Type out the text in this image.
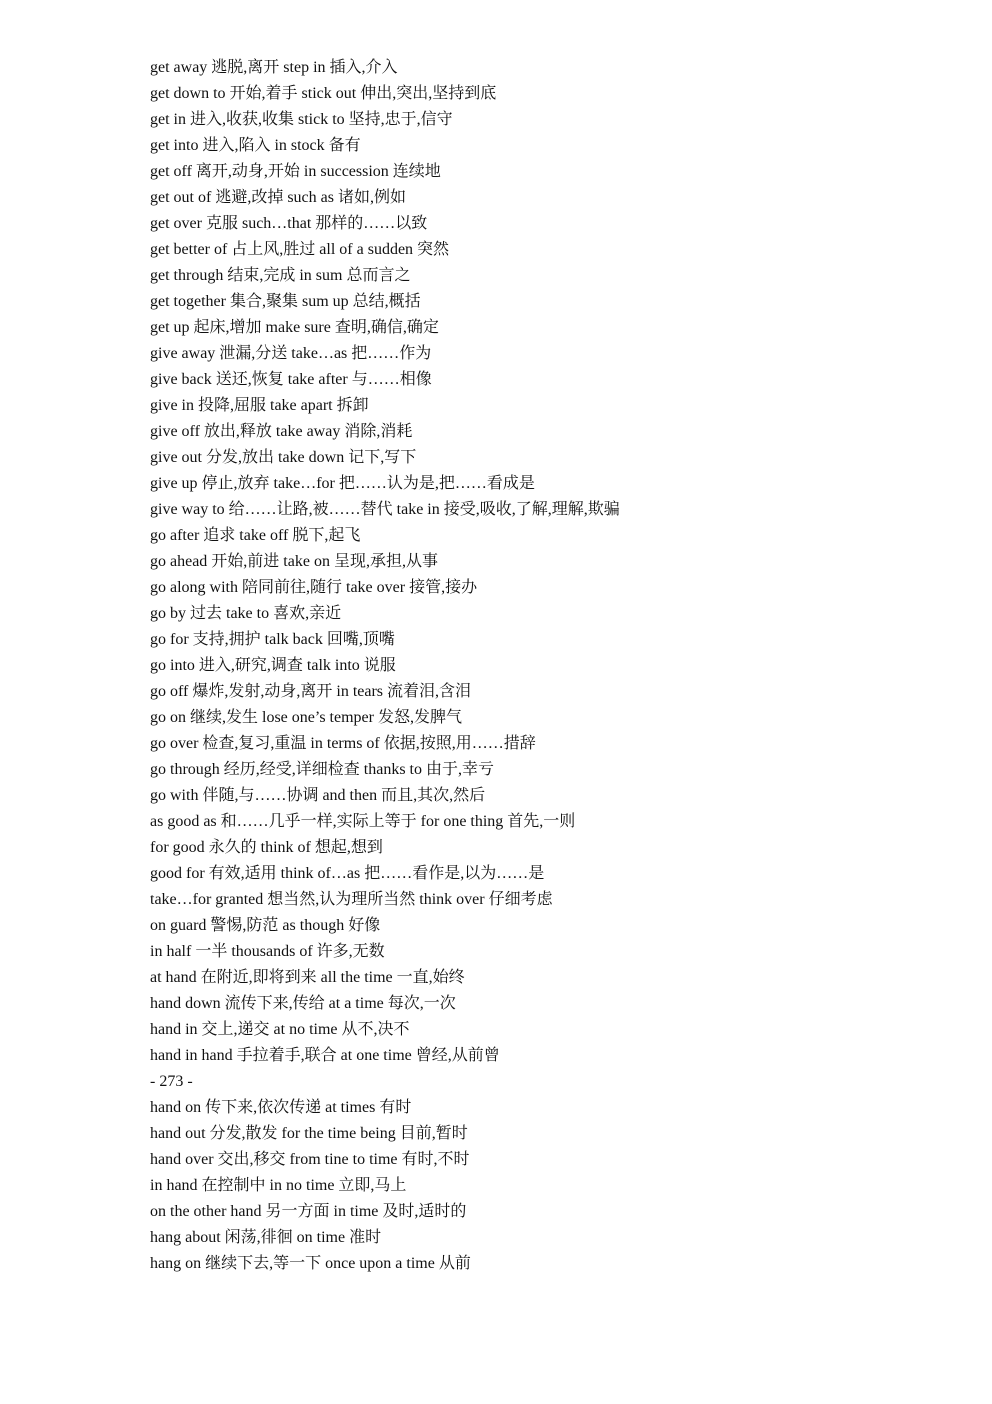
get away 逃脱,离开 step in 插入,介入
get down to 开始,着手 stick out 伸出,突出,坚持到底
get in 进入,收获,收集 stick to 坚持,忠于,信守
get into 进入,陷入 in stock 备有
get off 离开,动身,开始 in succession 连续地
get out of 逃避,改掉 such as 诸如,例如
get over 克服 such…that 那样的……以致
get better of 占上风,胜过 all of a sudden 突然
get through 结束,完成 in sum 总而言之
get together 集合,聚集 sum up 总结,概括
get up 起床,增加 make sure 查明,确信,确定
give away 泄漏,分送 take…as 把……作为
give back 送还,恢复 take after 与……相像
give in 投降,屈服 take apart 拆卸
give off 放出,释放 take away 消除,消耗
give out 分发,放出 take down 记下,写下
give up 停止,放弃 take…for 把……认为是,把……看成是
give way to 给……让路,被……替代 take in 接受,吸收,了解,理解,欺骗
go after 追求 take off 脱下,起飞
go ahead 开始,前进 take on 呈现,承担,从事
go along with 陪同前往,随行 take over 接管,接办
go by 过去 take to 喜欢,亲近
go for 支持,拥护 talk back 回嘴,顶嘴
go into 进入,研究,调查 talk into 说服
go off 爆炸,发射,动身,离开 in tears 流着泪,含泪
go on 继续,发生 lose one’s temper 发怒,发脾气
go over 检查,复习,重温 in terms of 依据,按照,用……措辞
go through 经历,经受,详细检查 thanks to 由于,幸亏
go with 伴随,与……协调 and then 而且,其次,然后
as good as 和……几乎一样,实际上等于 for one thing 首先,一则
for good 永久的 think of 想起,想到
good for 有效,适用 think of…as 把……看作是,以为……是
take…for granted 想当然,认为理所当然 think over 仔细考虑
on guard 警惕,防范 as though 好像
in half 一半 thousands of 许多,无数
at hand 在附近,即将到来 all the time 一直,始终
hand down 流传下来,传给 at a time 每次,一次
hand in 交上,递交 at no time 从不,决不
hand in hand 手拉着手,联合 at one time 曾经,从前曾
- 273 -
hand on 传下来,依次传递 at times 有时
hand out 分发,散发 for the time being 目前,暂时
hand over 交出,移交 from tine to time 有时,不时
in hand 在控制中 in no time 立即,马上
on the other hand 另一方面 in time 及时,适时的
hang about 闲荡,徘徊 on time 准时
hang on 继续下去,等一下 once upon a time 从前
